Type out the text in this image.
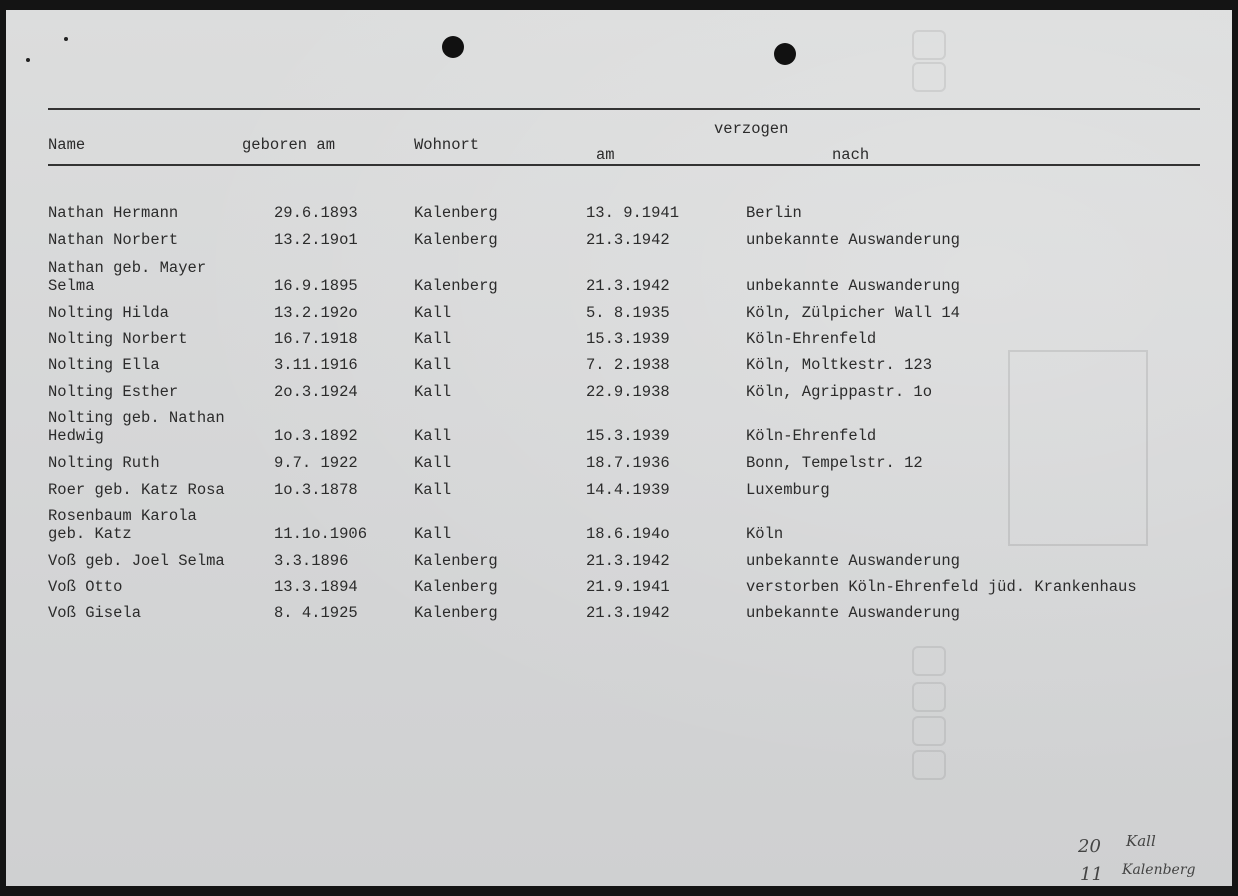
Name	geboren am	Wohnort
verzogen
am	nach
Nathan Hermann	29.6.1893	Kalenberg	13. 9.1941	Berlin
Nathan Norbert	13.2.19o1	Kalenberg	21.3.1942	unbekannte Auswanderung
Nathan geb. Mayer
Selma	16.9.1895	Kalenberg	21.3.1942	unbekannte Auswanderung
Nolting Hilda	13.2.192o	Kall	5. 8.1935	Köln, Zülpicher Wall 14
Nolting Norbert	16.7.1918	Kall	15.3.1939	Köln-Ehrenfeld
Nolting Ella	3.11.1916	Kall	7. 2.1938	Köln, Moltkestr. 123
Nolting Esther	2o.3.1924	Kall	22.9.1938	Köln, Agrippastr. 1o
Nolting geb. Nathan
Hedwig	1o.3.1892	Kall	15.3.1939	Köln-Ehrenfeld
Nolting Ruth	9.7. 1922	Kall	18.7.1936	Bonn, Tempelstr. 12
Roer geb. Katz Rosa	1o.3.1878	Kall	14.4.1939	Luxemburg
Rosenbaum Karola
geb. Katz	11.1o.1906	Kall	18.6.194o	Köln
Voß geb. Joel Selma	3.3.1896	Kalenberg	21.3.1942	unbekannte Auswanderung
Voß Otto	13.3.1894	Kalenberg	21.9.1941	verstorben Köln-Ehrenfeld jüd. Krankenhaus
Voß Gisela	8. 4.1925	Kalenberg	21.3.1942	unbekannte Auswanderung
20 Kall
11 Kalenberg
